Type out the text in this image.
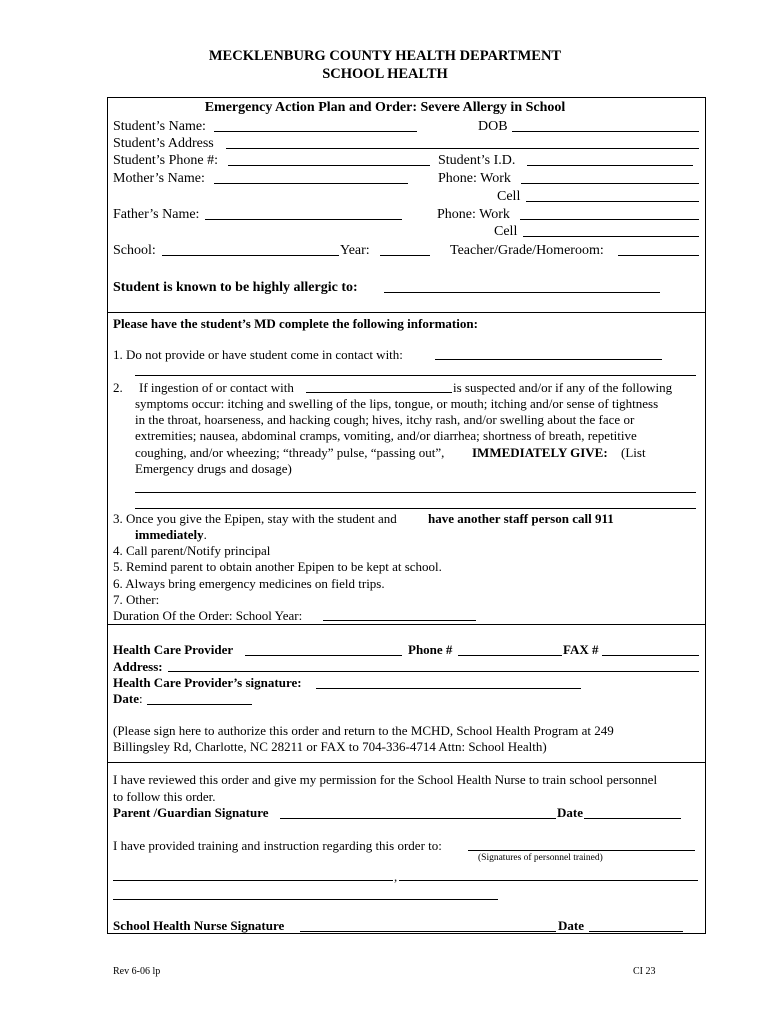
MECKLENBURG COUNTY HEALTH DEPARTMENT
SCHOOL HEALTH
Emergency Action Plan and Order: Severe Allergy in School
Student’s Name:	DOB
Student’s Address
Student’s Phone #:	Student’s I.D.
Mother’s Name:	Phone: Work
Cell
Father’s Name:	Phone: Work
Cell
School:	Year:	Teacher/Grade/Homeroom:
Student is known to be highly allergic to:
Please have the student’s MD complete the following information:
1. Do not provide or have student come in contact with:
2. If ingestion of or contact with	is suspected and/or if any of the following
symptoms occur: itching and swelling of the lips, tongue, or mouth; itching and/or sense of tightness
in the throat, hoarseness, and hacking cough; hives, itchy rash, and/or swelling about the face or
extremities; nausea, abdominal cramps, vomiting, and/or diarrhea; shortness of breath, repetitive
coughing, and/or wheezing; “thready” pulse, “passing out”, IMMEDIATELY GIVE: (List
Emergency drugs and dosage)
3. Once you give the Epipen, stay with the student and have another staff person call 911
immediately.
4. Call parent/Notify principal
5. Remind parent to obtain another Epipen to be kept at school.
6. Always bring emergency medicines on field trips.
7. Other:
Duration Of the Order: School Year:
Health Care Provider	Phone #	FAX #
Address:
Health Care Provider’s signature:
Date:
(Please sign here to authorize this order and return to the MCHD, School Health Program at 249
Billingsley Rd, Charlotte, NC 28211 or FAX to 704-336-4714 Attn: School Health)
I have reviewed this order and give my permission for the School Health Nurse to train school personnel
to follow this order.
Parent /Guardian Signature	Date
I have provided training and instruction regarding this order to:
(Signatures of personnel trained)
,
School Health Nurse Signature	Date
Rev 6-06 lp	CI 23
